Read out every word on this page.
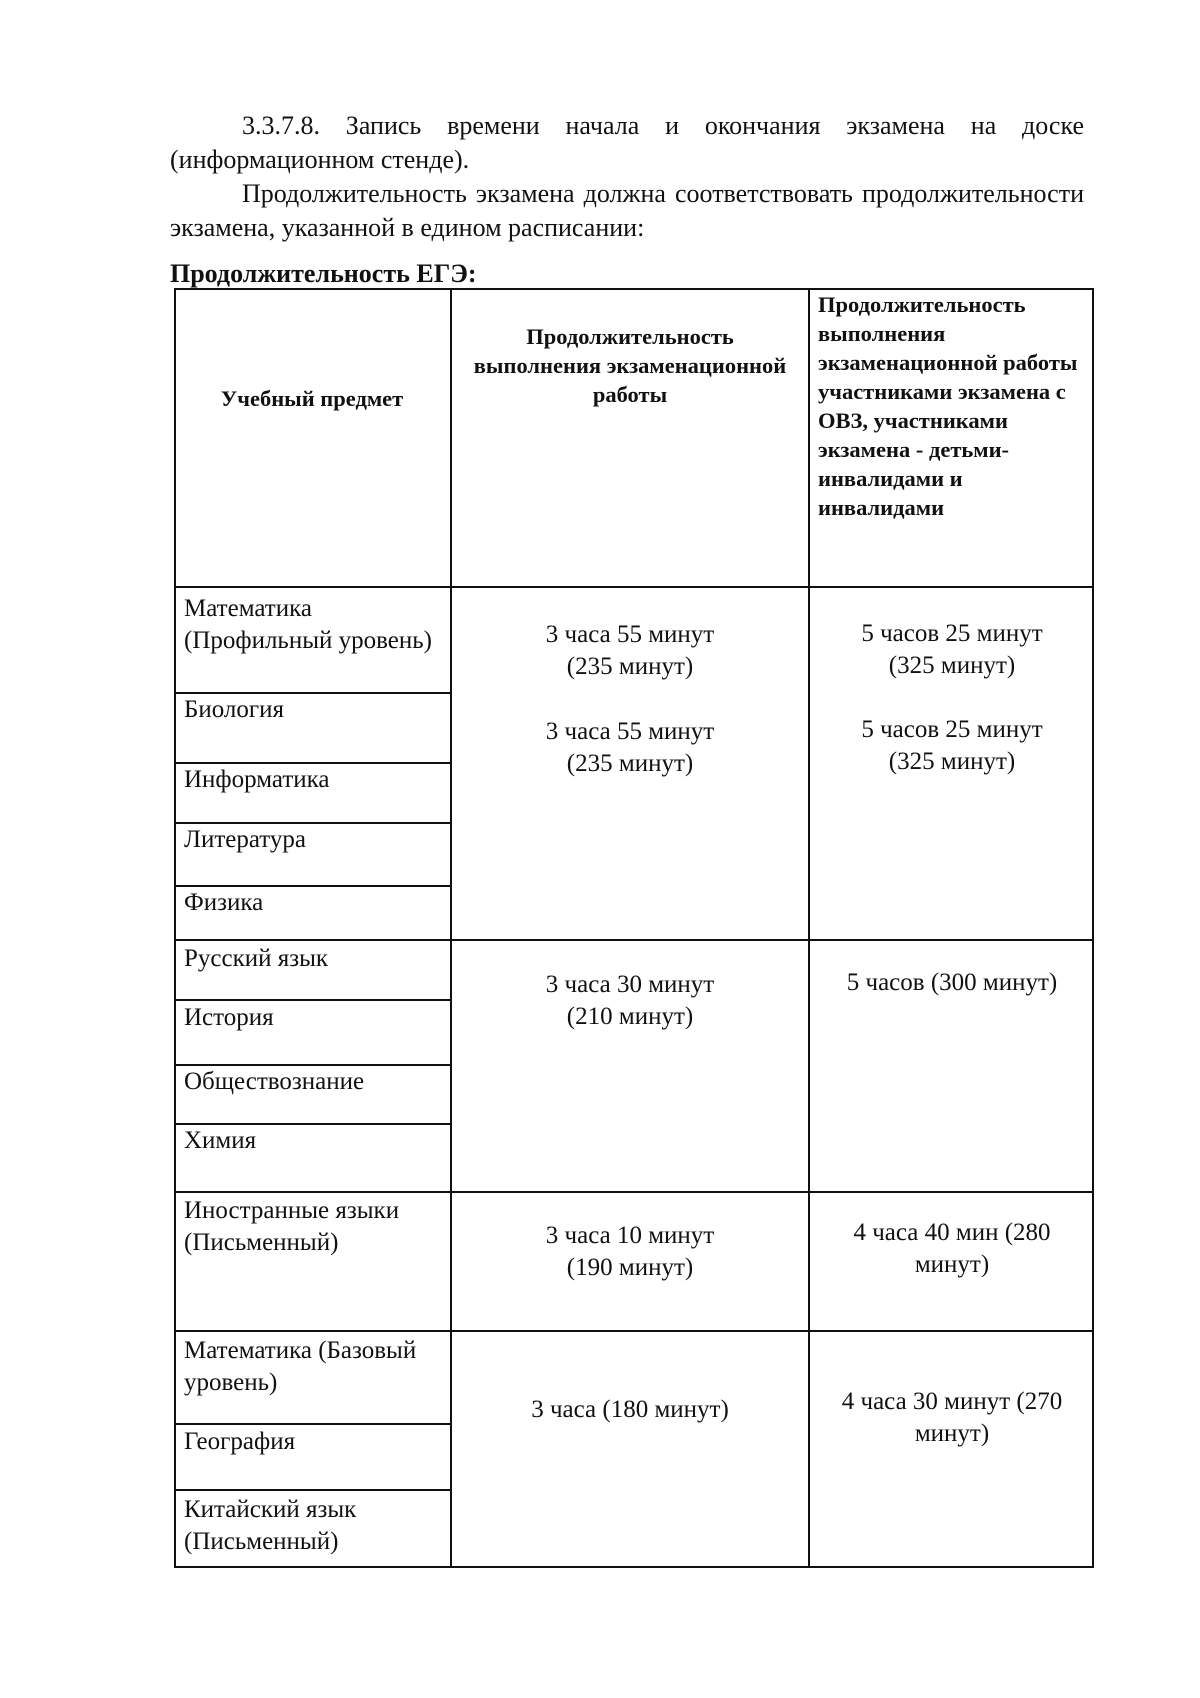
3.3.7.8. Запись времени начала и окончания экзамена на доске (информационном стенде).

Продолжительность экзамена должна соответствовать продолжительности экзамена, указанной в едином расписании:

Продолжительность ЕГЭ:

Учебный предмет
Продолжительность выполнения экзаменационной работы
Продолжительность выполнения экзаменационной работы участниками экзамена с ОВЗ, участниками экзамена - детьми-инвалидами и инвалидами
Математика (Профильный уровень)
Биология
Информатика
Литература
Физика
3 часа 55 минут (235 минут)
3 часа 55 минут (235 минут)
5 часов 25 минут (325 минут)
5 часов 25 минут (325 минут)
Русский язык
История
Обществознание
Химия
3 часа 30 минут (210 минут)
5 часов (300 минут)
Иностранные языки (Письменный)	3 часа 10 минут (190 минут)
4 часа 40 мин (280 минут)
Математика (Базовый уровень)
География
Китайский язык (Письменный)
3 часа (180 минут)	4 часа 30 минут (270 минут)
